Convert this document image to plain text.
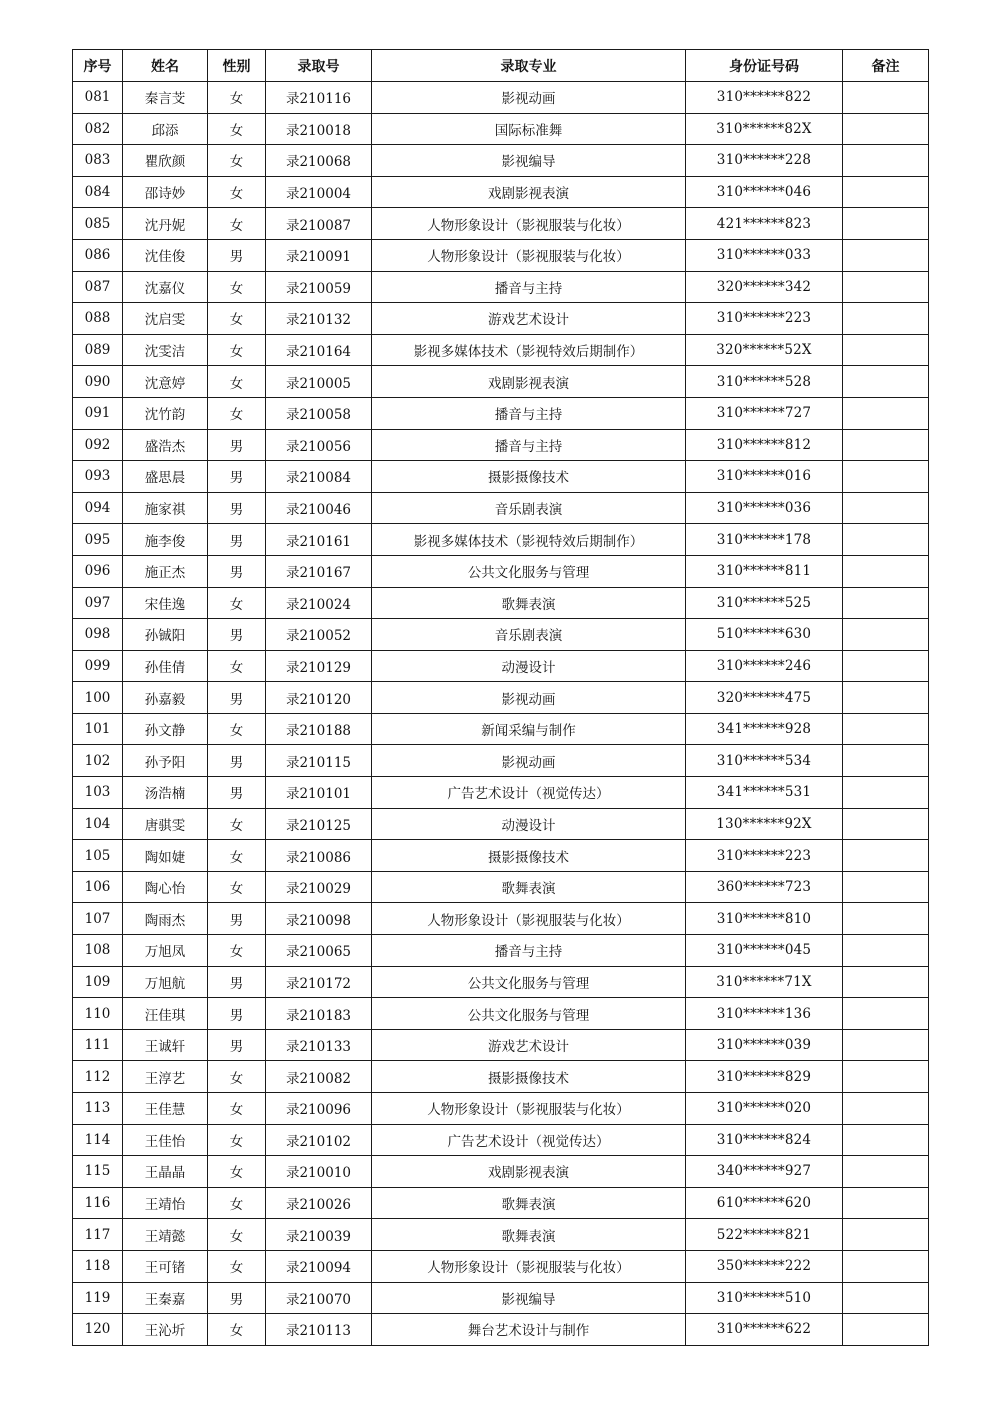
序号	姓名	性别	录取号	录取专业	身份证号码	备注
081	秦言芠	女	录210116	影视动画	310******822	
082	邱添	女	录210018	国际标准舞	310******82X	
083	瞿欣颜	女	录210068	影视编导	310******228	
084	邵诗妙	女	录210004	戏剧影视表演	310******046	
085	沈丹妮	女	录210087	人物形象设计（影视服装与化妆）	421******823	
086	沈佳俊	男	录210091	人物形象设计（影视服装与化妆）	310******033	
087	沈嘉仪	女	录210059	播音与主持	320******342	
088	沈启雯	女	录210132	游戏艺术设计	310******223	
089	沈雯洁	女	录210164	影视多媒体技术（影视特效后期制作）	320******52X	
090	沈意婷	女	录210005	戏剧影视表演	310******528	
091	沈竹韵	女	录210058	播音与主持	310******727	
092	盛浩杰	男	录210056	播音与主持	310******812	
093	盛思晨	男	录210084	摄影摄像技术	310******016	
094	施家祺	男	录210046	音乐剧表演	310******036	
095	施李俊	男	录210161	影视多媒体技术（影视特效后期制作）	310******178	
096	施正杰	男	录210167	公共文化服务与管理	310******811	
097	宋佳逸	女	录210024	歌舞表演	310******525	
098	孙铖阳	男	录210052	音乐剧表演	510******630	
099	孙佳倩	女	录210129	动漫设计	310******246	
100	孙嘉毅	男	录210120	影视动画	320******475	
101	孙文静	女	录210188	新闻采编与制作	341******928	
102	孙予阳	男	录210115	影视动画	310******534	
103	汤浩楠	男	录210101	广告艺术设计（视觉传达）	341******531	
104	唐骐雯	女	录210125	动漫设计	130******92X	
105	陶如婕	女	录210086	摄影摄像技术	310******223	
106	陶心怡	女	录210029	歌舞表演	360******723	
107	陶雨杰	男	录210098	人物形象设计（影视服装与化妆）	310******810	
108	万旭凤	女	录210065	播音与主持	310******045	
109	万旭航	男	录210172	公共文化服务与管理	310******71X	
110	汪佳琪	男	录210183	公共文化服务与管理	310******136	
111	王诚轩	男	录210133	游戏艺术设计	310******039	
112	王淳艺	女	录210082	摄影摄像技术	310******829	
113	王佳慧	女	录210096	人物形象设计（影视服装与化妆）	310******020	
114	王佳怡	女	录210102	广告艺术设计（视觉传达）	310******824	
115	王晶晶	女	录210010	戏剧影视表演	340******927	
116	王靖怡	女	录210026	歌舞表演	610******620	
117	王靖懿	女	录210039	歌舞表演	522******821	
118	王可锗	女	录210094	人物形象设计（影视服装与化妆）	350******222	
119	王秦嘉	男	录210070	影视编导	310******510	
120	王沁圻	女	录210113	舞台艺术设计与制作	310******622	
